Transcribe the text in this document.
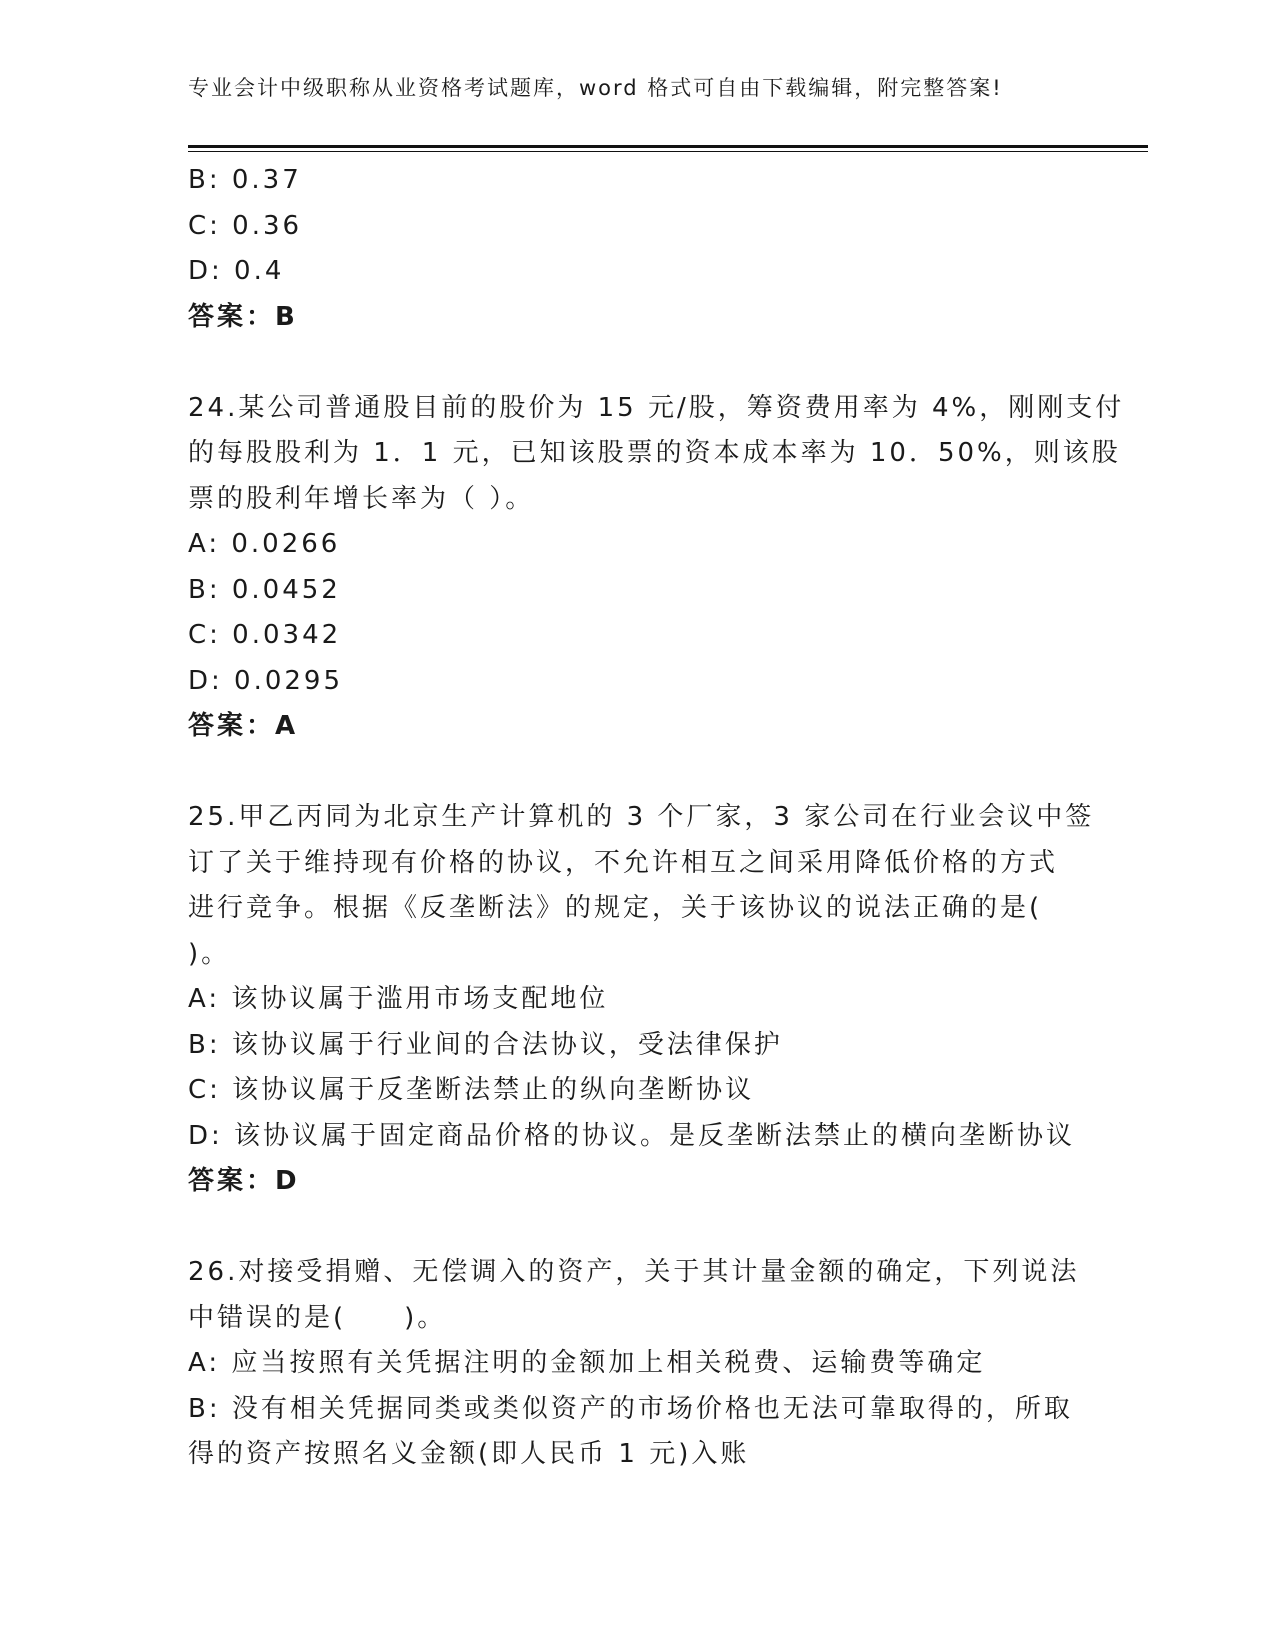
专业会计中级职称从业资格考试题库，word 格式可自由下载编辑，附完整答案!
B: 0.37
C: 0.36
D: 0.4
答案：B
24.某公司普通股目前的股价为 15 元/股，筹资费用率为 4%，刚刚支付
的每股股利为 1．1 元，已知该股票的资本成本率为 10．50%，则该股
票的股利年增长率为（ ）。
A: 0.0266
B: 0.0452
C: 0.0342
D: 0.0295
答案：A
25.甲乙丙同为北京生产计算机的 3 个厂家，3 家公司在行业会议中签
订了关于维持现有价格的协议，不允许相互之间采用降低价格的方式
进行竞争。根据《反垄断法》的规定，关于该协议的说法正确的是(
)。
A: 该协议属于滥用市场支配地位
B: 该协议属于行业间的合法协议，受法律保护
C: 该协议属于反垄断法禁止的纵向垄断协议
D: 该协议属于固定商品价格的协议。是反垄断法禁止的横向垄断协议
答案：D
26.对接受捐赠、无偿调入的资产，关于其计量金额的确定，下列说法
中错误的是(　　)。
A: 应当按照有关凭据注明的金额加上相关税费、运输费等确定
B: 没有相关凭据同类或类似资产的市场价格也无法可靠取得的，所取
得的资产按照名义金额(即人民币 1 元)入账
